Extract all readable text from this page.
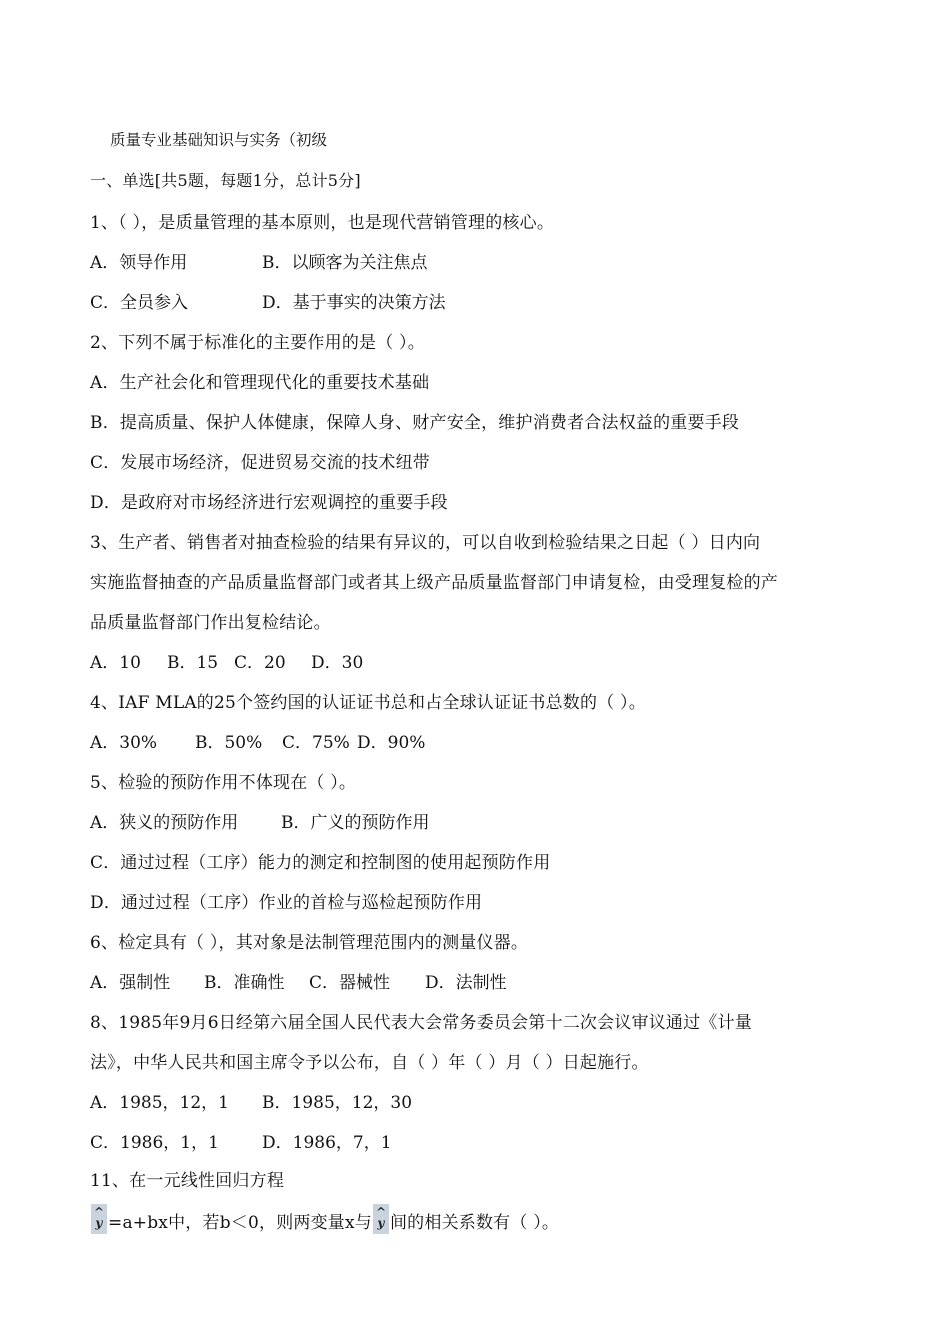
质量专业基础知识与实务（初级
一、单选[共5题，每题1分，总计5分]
1、（ ），是质量管理的基本原则，也是现代营销管理的核心。
A．领导作用	B．以顾客为关注焦点
C．全员参入	D．基于事实的决策方法
2、下列不属于标准化的主要作用的是（ ）。
A．生产社会化和管理现代化的重要技术基础
B．提高质量、保护人体健康，保障人身、财产安全，维护消费者合法权益的重要手段
C．发展市场经济，促进贸易交流的技术纽带
D．是政府对市场经济进行宏观调控的重要手段
3、生产者、销售者对抽查检验的结果有异议的，可以自收到检验结果之日起（ ）日内向
实施监督抽查的产品质量监督部门或者其上级产品质量监督部门申请复检，由受理复检的产
品质量监督部门作出复检结论。
A．10 B．15 C．20 D．30
4、IAF MLA的25个签约国的认证证书总和占全球认证证书总数的（ ）。
A．30% B．50% C．75% D．90%
5、检验的预防作用不体现在（ ）。
A．狭义的预防作用	B．广义的预防作用
C．通过过程（工序）能力的测定和控制图的使用起预防作用
D．通过过程（工序）作业的首检与巡检起预防作用
6、检定具有（ ），其对象是法制管理范围内的测量仪器。
A．强制性 B．准确性 C．器械性 D．法制性
8、1985年9月6日经第六届全国人民代表大会常务委员会第十二次会议审议通过《计量
法》，中华人民共和国主席令予以公布，自（ ）年（ ）月（ ）日起施行。
A．1985，12，1 B．1985，12，30
C．1986，1，1	D．1986，7，1
11、在一元线性回归方程
^
y =a+bx中，若b＜0，则两变量x与
^
y 间的相关系数有（ ）。
